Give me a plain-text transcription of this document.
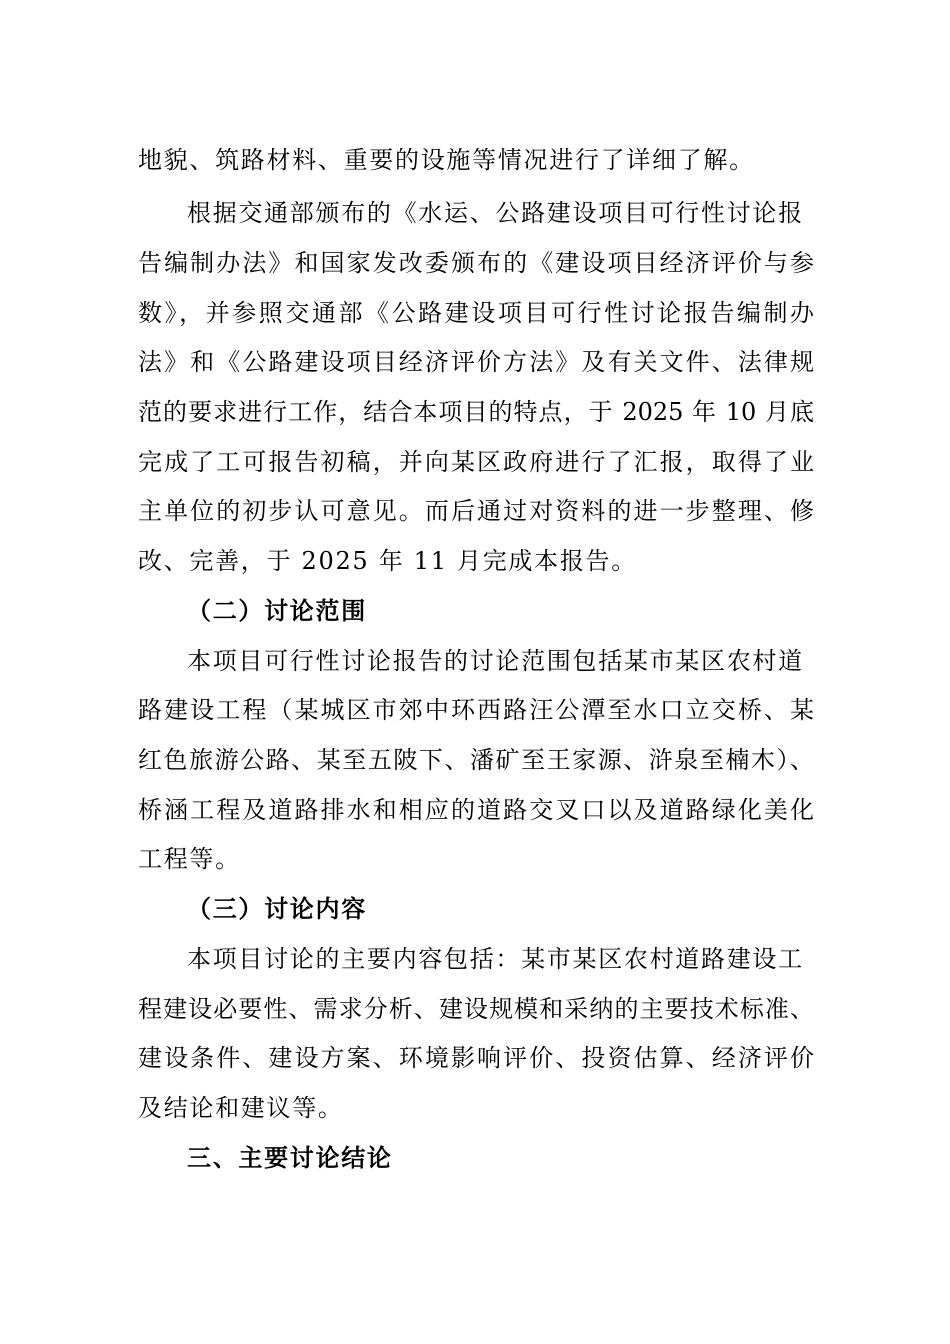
地貌、筑路材料、重要的设施等情况进行了详细了解。
根据交通部颁布的《水运、公路建设项目可行性讨论报
告编制办法》和国家发改委颁布的《建设项目经济评价与参
数》，并参照交通部《公路建设项目可行性讨论报告编制办
法》和《公路建设项目经济评价方法》及有关文件、法律规
范的要求进行工作，结合本项目的特点，于 2025 年 10 月底
完成了工可报告初稿，并向某区政府进行了汇报，取得了业
主单位的初步认可意见。而后通过对资料的进一步整理、修
改、完善，于 2025 年 11 月完成本报告。
（二）讨论范围
本项目可行性讨论报告的讨论范围包括某市某区农村道
路建设工程（某城区市郊中环西路汪公潭至水口立交桥、某
红色旅游公路、某至五陂下、潘矿至王家源、浒泉至楠木）、
桥涵工程及道路排水和相应的道路交叉口以及道路绿化美化
工程等。
（三）讨论内容
本项目讨论的主要内容包括：某市某区农村道路建设工
程建设必要性、需求分析、建设规模和采纳的主要技术标准、
建设条件、建设方案、环境影响评价、投资估算、经济评价
及结论和建议等。
三、主要讨论结论
